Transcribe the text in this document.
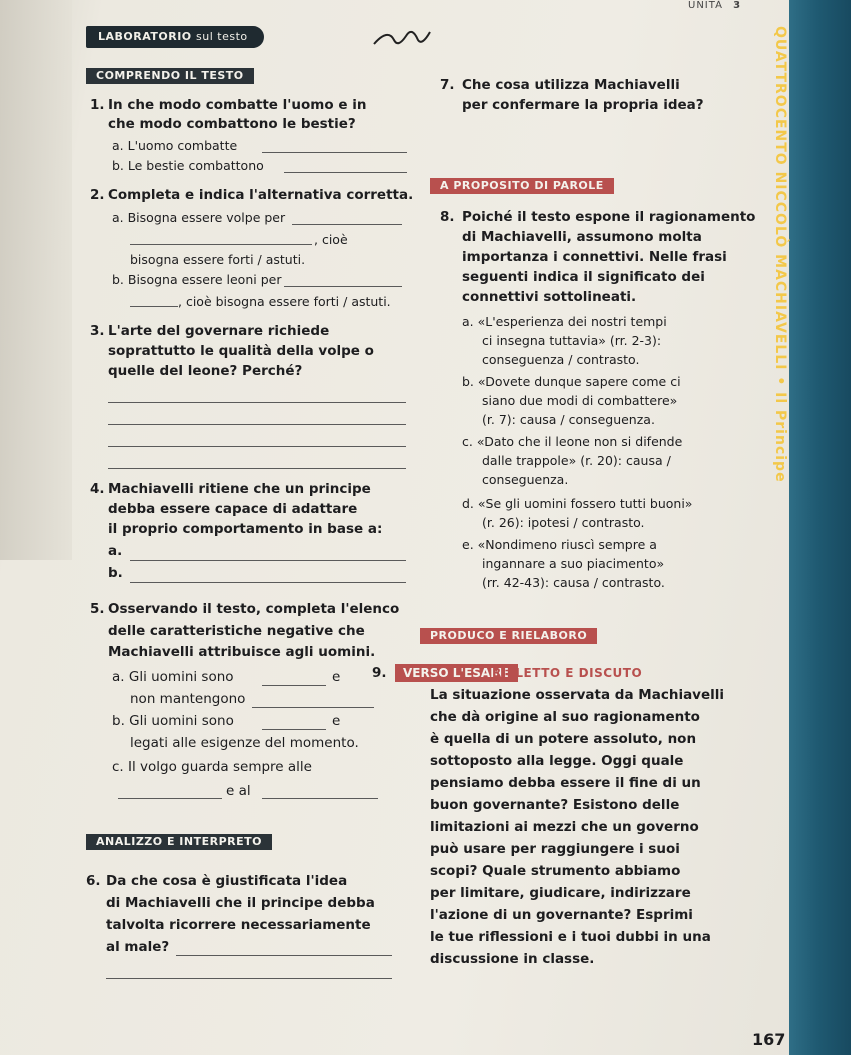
UNITÀ 3
QUATTROCENTO NICCOLÒ MACHIAVELLI • Il Principe
LABORATORIO sul testo
COMPRENDO IL TESTO
1. In che modo combatte l'uomo e in
che modo combattono le bestie?
a. L'uomo combatte
b. Le bestie combattono
2. Completa e indica l'alternativa corretta.
a. Bisogna essere volpe per
, cioè
bisogna essere forti / astuti.
b. Bisogna essere leoni per
, cioè bisogna essere forti / astuti.
3. L'arte del governare richiede
soprattutto le qualità della volpe o
quelle del leone? Perché?
4. Machiavelli ritiene che un principe
debba essere capace di adattare
il proprio comportamento in base a:
a.
b.
5. Osservando il testo, completa l'elenco
delle caratteristiche negative che
Machiavelli attribuisce agli uomini.
a. Gli uomini sono	e
non mantengono
b. Gli uomini sono	e
legati alle esigenze del momento.
c. Il volgo guarda sempre alle
e al
ANALIZZO E INTERPRETO
6. Da che cosa è giustificata l'idea
di Machiavelli che il principe debba
talvolta ricorrere necessariamente
al male?
7. Che cosa utilizza Machiavelli
per confermare la propria idea?
A PROPOSITO DI PAROLE
8. Poiché il testo espone il ragionamento
di Machiavelli, assumono molta
importanza i connettivi. Nelle frasi
seguenti indica il significato dei
connettivi sottolineati.
a. «L'esperienza dei nostri tempi
ci insegna tuttavia» (rr. 2-3):
conseguenza / contrasto.
b. «Dovete dunque sapere come ci
siano due modi di combattere»
(r. 7): causa / conseguenza.
c. «Dato che il leone non si difende
dalle trappole» (r. 20): causa /
conseguenza.
d. «Se gli uomini fossero tutti buoni»
(r. 26): ipotesi / contrasto.
e. «Nondimeno riuscì sempre a
ingannare a suo piacimento»
(rr. 42-43): causa / contrasto.
PRODUCO E RIELABORO
9.	VERSO L'ESAME
RIFLETTO E DISCUTO
La situazione osservata da Machiavelli
che dà origine al suo ragionamento
è quella di un potere assoluto, non
sottoposto alla legge. Oggi quale
pensiamo debba essere il fine di un
buon governante? Esistono delle
limitazioni ai mezzi che un governo
può usare per raggiungere i suoi
scopi? Quale strumento abbiamo
per limitare, giudicare, indirizzare
l'azione di un governante? Esprimi
le tue riflessioni e i tuoi dubbi in una
discussione in classe.
167
